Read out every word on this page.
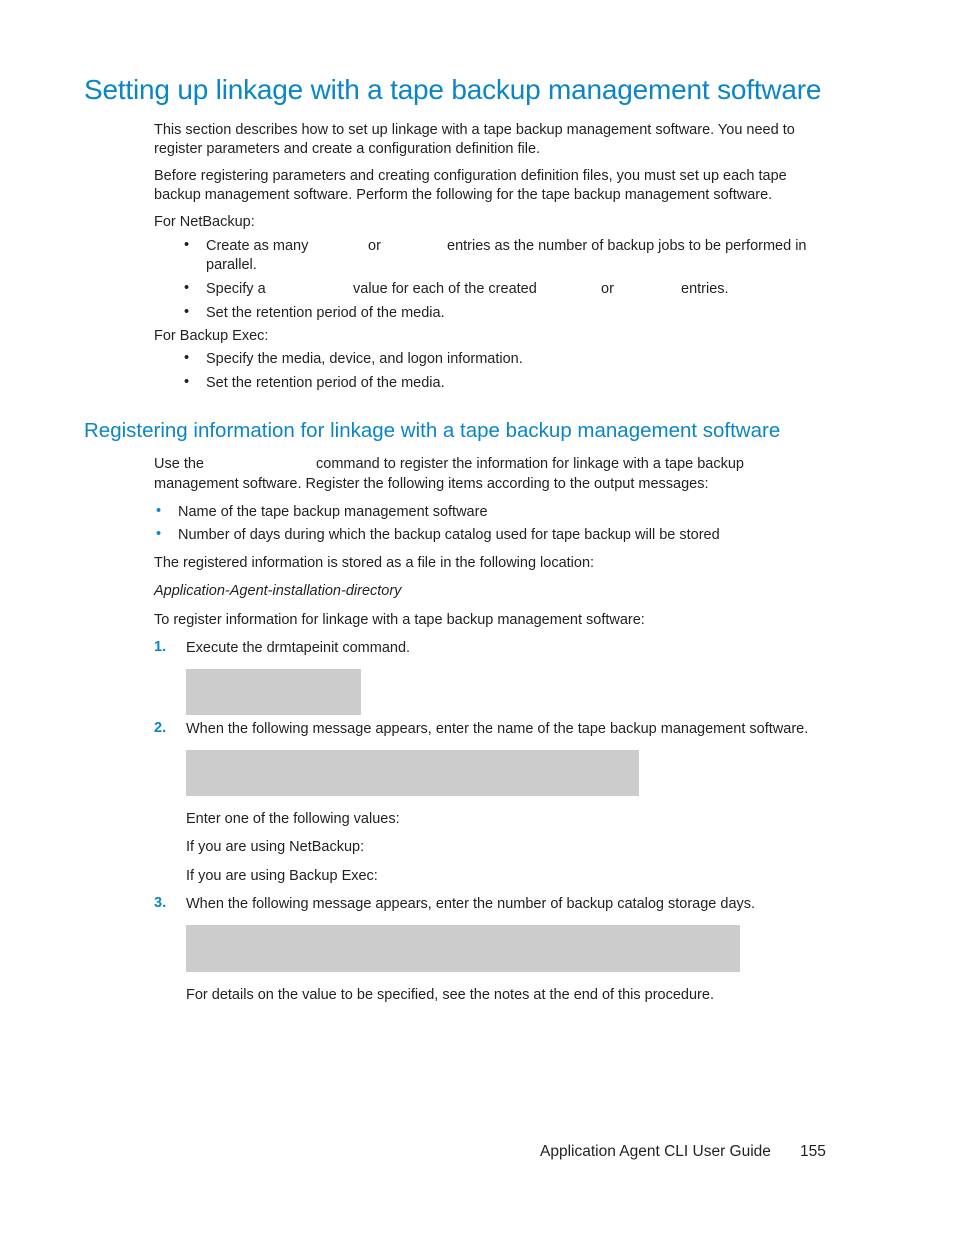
Setting up linkage with a tape backup management software
This section describes how to set up linkage with a tape backup management software. You need to register parameters and create a configuration definition file.
Before registering parameters and creating configuration definition files, you must set up each tape backup management software. Perform the following for the tape backup management software.
For NetBackup:
• Create as many	or	entries as the number of backup jobs to be performed in
parallel.
• Specify a	value for each of the created	or	entries.
• Set the retention period of the media.
For Backup Exec:
• Specify the media, device, and logon information.
• Set the retention period of the media.
Registering information for linkage with a tape backup management software
Use the	command to register the information for linkage with a tape backup
management software. Register the following items according to the output messages:
• Name of the tape backup management software
• Number of days during which the backup catalog used for tape backup will be stored
The registered information is stored as a file in the following location:
Application-Agent-installation-directory
To register information for linkage with a tape backup management software:
1. Execute the drmtapeinit command.
2. When the following message appears, enter the name of the tape backup management software.
Enter one of the following values:
If you are using NetBackup:
If you are using Backup Exec:
3. When the following message appears, enter the number of backup catalog storage days.
For details on the value to be specified, see the notes at the end of this procedure.
Application Agent CLI User Guide 155
